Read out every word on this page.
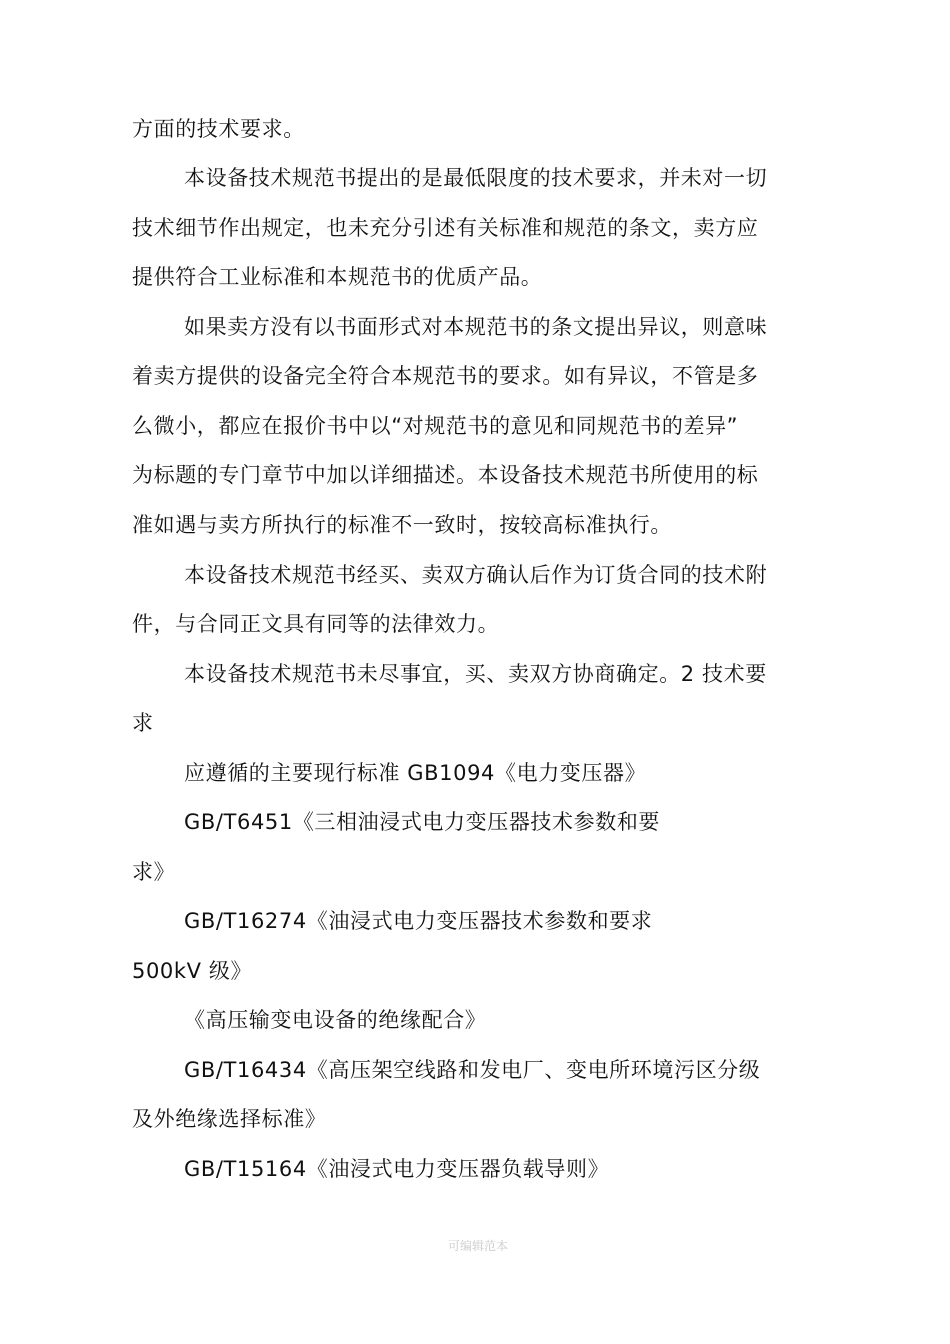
方面的技术要求。
本设备技术规范书提出的是最低限度的技术要求，并未对一切
技术细节作出规定，也未充分引述有关标准和规范的条文，卖方应
提供符合工业标准和本规范书的优质产品。
如果卖方没有以书面形式对本规范书的条文提出异议，则意味
着卖方提供的设备完全符合本规范书的要求。如有异议，不管是多
么微小，都应在报价书中以“对规范书的意见和同规范书的差异”
为标题的专门章节中加以详细描述。本设备技术规范书所使用的标
准如遇与卖方所执行的标准不一致时，按较高标准执行。
本设备技术规范书经买、卖双方确认后作为订货合同的技术附
件，与合同正文具有同等的法律效力。
本设备技术规范书未尽事宜，买、卖双方协商确定。2 技术要
求
应遵循的主要现行标准 GB1094《电力变压器》
GB/T6451《三相油浸式电力变压器技术参数和要
求》
GB/T16274《油浸式电力变压器技术参数和要求
500kV 级》
《高压输变电设备的绝缘配合》
GB/T16434《高压架空线路和发电厂、变电所环境污区分级
及外绝缘选择标准》
GB/T15164《油浸式电力变压器负载导则》
可编辑范本
